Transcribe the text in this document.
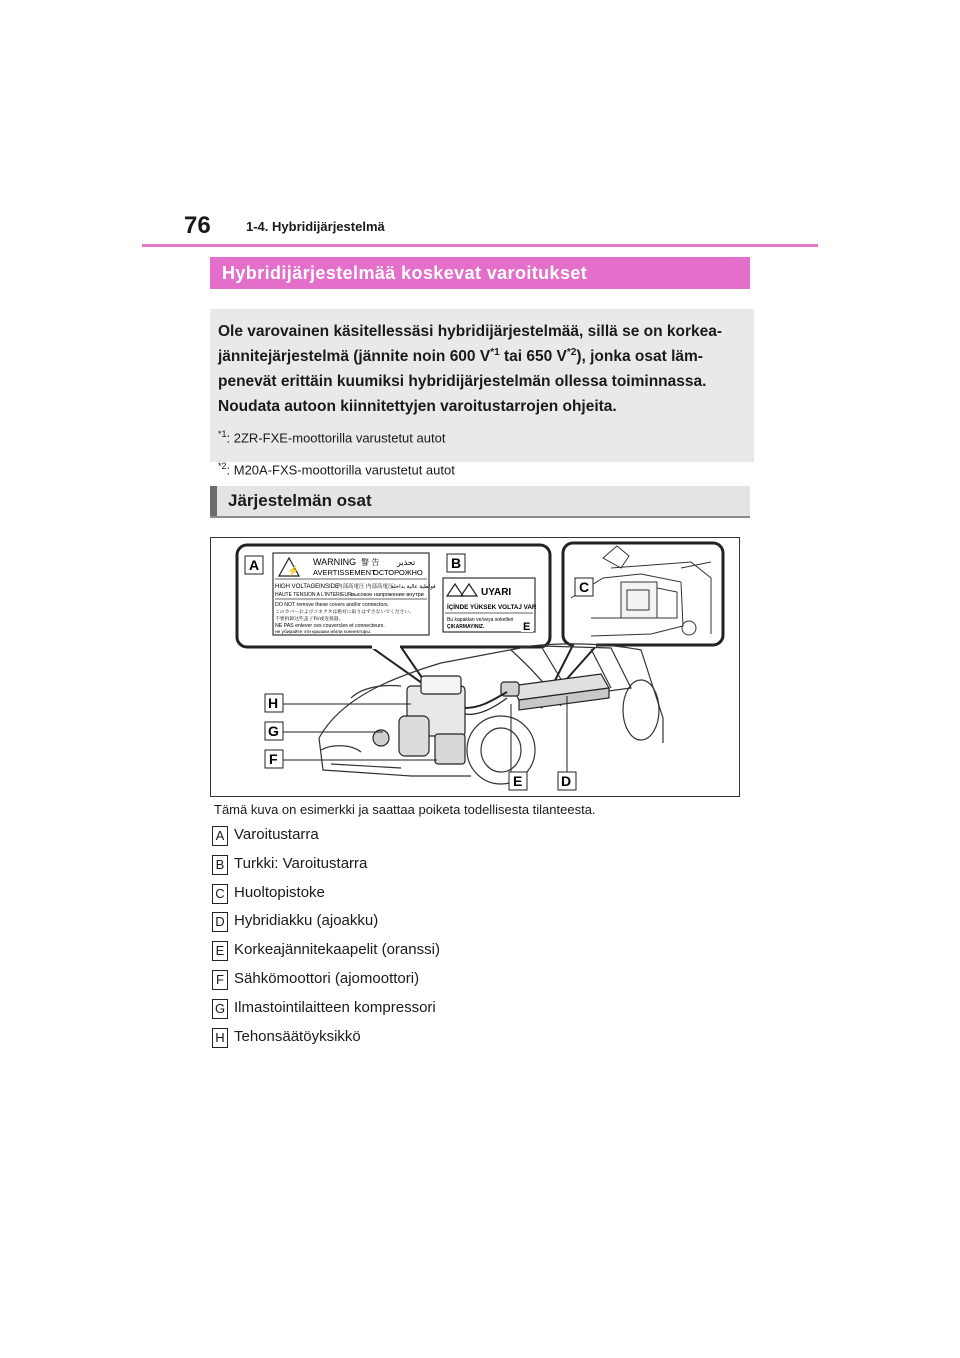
76	1-4. Hybridijärjestelmä
Hybridijärjestelmää koskevat varoitukset

Ole varovainen käsitellessäsi hybridijärjestelmää, sillä se on korkea-
jännitejärjestelmä (jännite noin 600 $V^{*1}$ tai 650 $V^{*2}$), jonka osat läm-
penevät erittäin kuumiksi hybridijärjestelmän ollessa toiminnassa.
Noudata autoon kiinnitettyjen varoitustarrojen ohjeita.

$^{*1}$: 2ZR-FXE-moottorilla varustetut autot
$^{*2}$: M20A-FXS-moottorilla varustetut autot
Järjestelmän osat
⚡
WARNING 警 告 تحذير
AVERTISSEMENT
ОСТОРОЖНО
HIGH VOLTAGE INSIDE
内部高電圧 内部高電压
فولطية عالية بداخله
HAUTE TENSION A L'INTERIEUR высокое напряжение внутри
DO NOT remove these covers and/or connectors.
このカバーおよびコネクタは絶対に取りはずさないでください。
不要拆卸这些盖子和/或连接器。
NE PAS enlever ces couvercles et connecteurs.
не убирайте эти крышки и/или коннекторы.
UYARI
İÇİNDE YÜKSEK VOLTAJ VAR
Bu kapakları ve/veya soketleri
ÇIKARMAYINIZ.
A	B
C
D
E
E
F
G
H
Tämä kuva on esimerkki ja saattaa poiketa todellisesta tilanteesta.
A Varoitustarra
B Turkki: Varoitustarra
C Huoltopistoke
D Hybridiakku (ajoakku)
E Korkeajännitekaapelit (oranssi)
F Sähkömoottori (ajomoottori)
G Ilmastointilaitteen kompressori
H Tehonsäätöyksikkö
